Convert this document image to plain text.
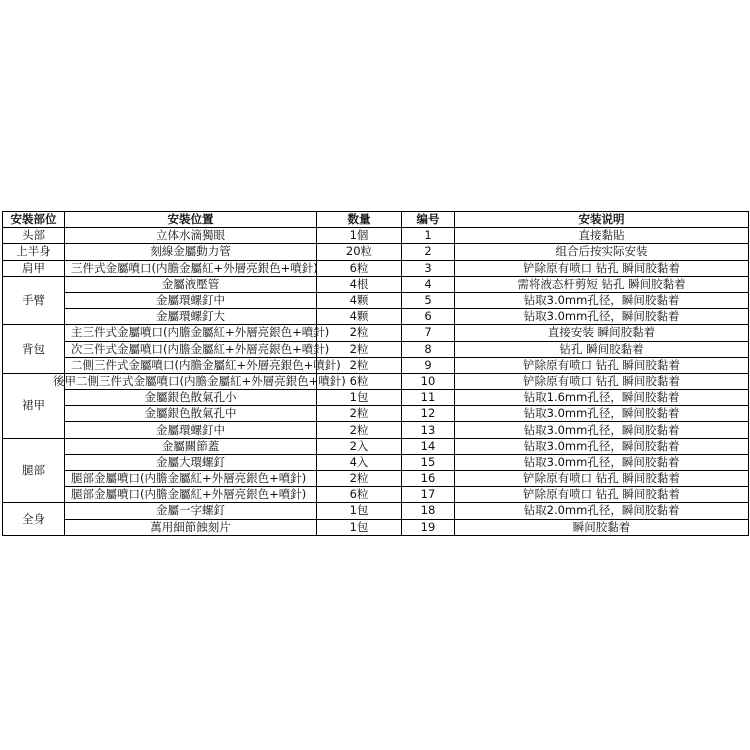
安裝部位	安裝位置	数量	编号	安装说明
头部	立体水滴獨眼	1個	1	直接黏貼
上半身	刻線金屬動力管	20粒	2	组合后按实际安装
肩甲	三件式金屬噴口(内膽金屬紅+外層亮銀色+噴針)	6粒	3	铲除原有喷口 钻孔 瞬间胶黏着
手臂	金屬液壓管	4根	4	需将液态杆剪短 钻孔 瞬间胶黏着
	金屬環螺釘中	4颗	5	钻取3.0mm孔径，瞬间胶黏着
	金屬環螺釘大	4颗	6	钻取3.0mm孔径，瞬间胶黏着
背包	主三件式金屬噴口(内膽金屬紅+外層亮銀色+噴針)	2粒	7	直接安装 瞬间胶黏着
	次三件式金屬噴口(内膽金屬紅+外層亮銀色+噴針)	2粒	8	钻孔 瞬间胶黏着
	二側三件式金屬噴口(内膽金屬紅+外層亮銀色+噴針)	2粒	9	铲除原有喷口 钻孔 瞬间胶黏着
裙甲	後甲二側三件式金屬噴口(内膽金屬紅+外層亮銀色+噴針)	6粒	10	铲除原有喷口 钻孔 瞬间胶黏着
	金屬銀色散氣孔小	1包	11	钻取1.6mm孔径，瞬间胶黏着
	金屬銀色散氣孔中	2粒	12	钻取3.0mm孔径，瞬间胶黏着
	金屬環螺釘中	2粒	13	钻取3.0mm孔径，瞬间胶黏着
腿部	金屬關節蓋	2入	14	钻取3.0mm孔径，瞬间胶黏着
	金屬大環螺釘	4入	15	钻取3.0mm孔径，瞬间胶黏着
	腿部金屬噴口(内膽金屬紅+外層亮銀色+噴針)	2粒	16	铲除原有喷口 钻孔 瞬间胶黏着
	腿部金屬噴口(内膽金屬紅+外層亮銀色+噴針)	6粒	17	铲除原有喷口 钻孔 瞬间胶黏着
全身	金屬一字螺釘	1包	18	钻取2.0mm孔径，瞬间胶黏着
	萬用細節蝕刻片	1包	19	瞬间胶黏着
